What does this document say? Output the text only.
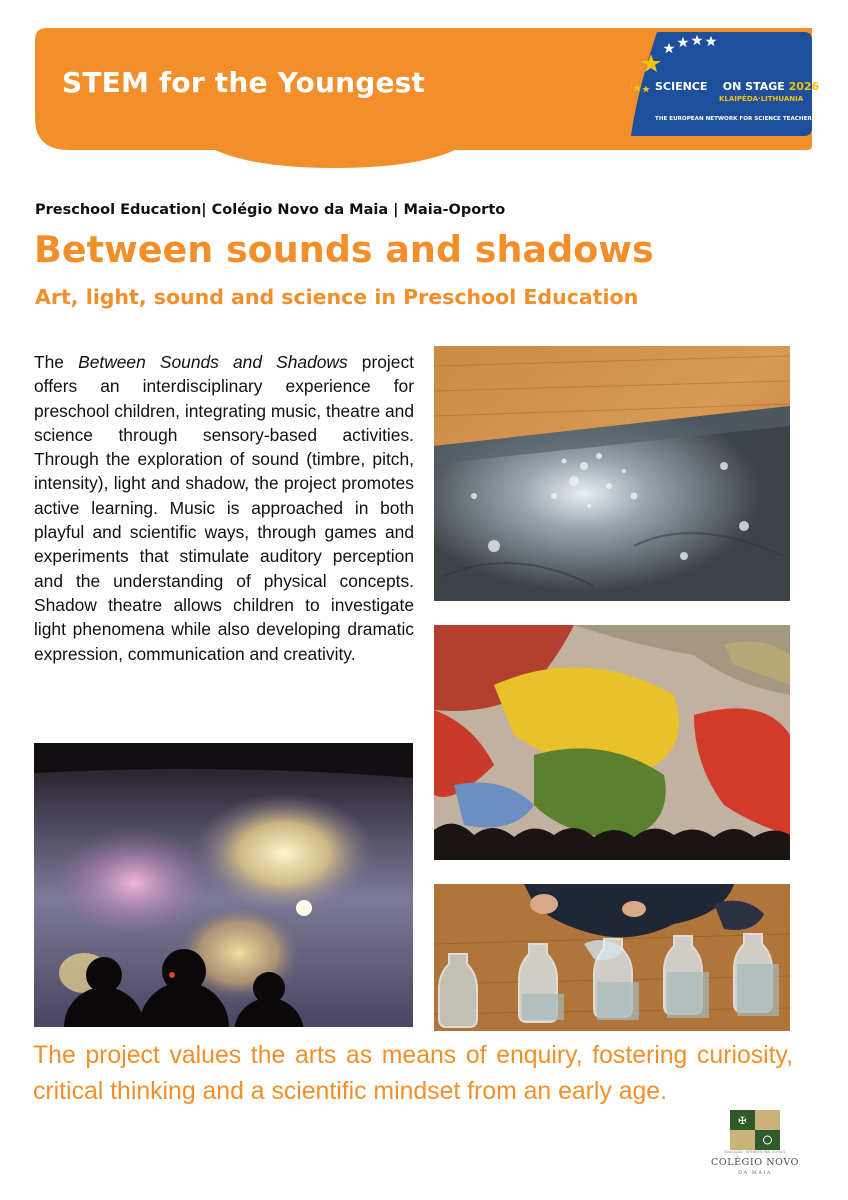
STEM for the Youngest	SCIENCE ON STAGE 2026
KLAIPĖDA·LITHUANIA
THE EUROPEAN NETWORK FOR SCIENCE TEACHERS
Preschool Education| Colégio Novo da Maia | Maia-Oporto
Between sounds and shadows
Art, light, sound and science in Preschool Education

The Between Sounds and Shadows project offers an interdisciplinary experience for preschool children, integrating music, theatre and science through sensory-based activities. Through the exploration of sound (timbre, pitch, intensity), light and shadow, the project promotes active learning. Music is approached in both playful and scientific ways, through games and experiments that stimulate auditory perception and the understanding of physical concepts. Shadow theatre allows children to investigate light phenomena while also developing dramatic expression, communication and creativity.

The project values the arts as means of enquiry, fostering curiosity, critical thinking and a scientific mindset from an early age.

✠
EDUCAÇÃO · INTERNATIONAL SCHOOL
COLÉGIO NOVO
DA MAIA
